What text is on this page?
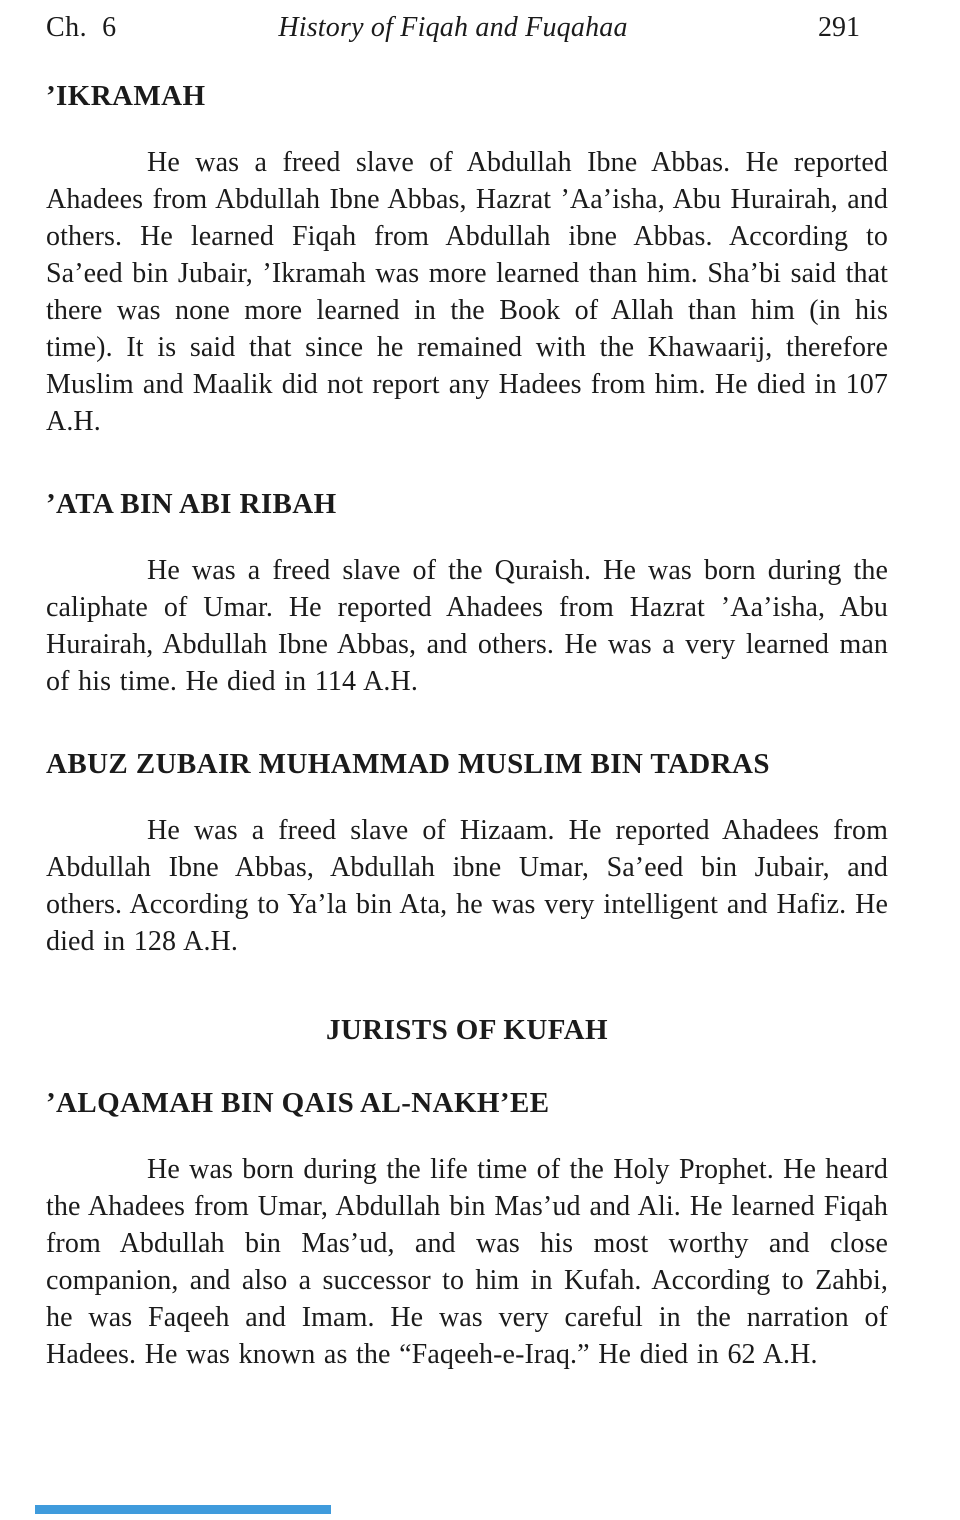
Ch.  6	History of Fiqah and Fuqahaa	291
’IKRAMAH

He was a freed slave of Abdullah Ibne Abbas. He reported Ahadees from Abdullah Ibne Abbas, Hazrat ’Aa’isha, Abu Hurairah, and others. He learned Fiqah from Abdullah ibne Abbas. According to Sa’eed bin Jubair, ’Ikramah was more learned than him. Sha’bi said that there was none more learned in the Book of Allah than him (in his time). It is said that since he remained with the Khawaarij, therefore Muslim and Maalik did not report any Hadees from him. He died in 107 A.H.

’ATA BIN ABI RIBAH

He was a freed slave of the Quraish. He was born during the caliphate of Umar. He reported Ahadees from Hazrat ’Aa’isha, Abu Hurairah, Abdullah Ibne Abbas, and others. He was a very learned man of his time. He died in 114 A.H.

ABUZ ZUBAIR MUHAMMAD MUSLIM BIN TADRAS

He was a freed slave of Hizaam. He reported Ahadees from Abdullah Ibne Abbas, Abdullah ibne Umar, Sa’eed bin Jubair, and others. According to Ya’la bin Ata, he was very intelligent and Hafiz. He died in 128 A.H.

JURISTS OF KUFAH
’ALQAMAH BIN QAIS AL-NAKH’EE

He was born during the life time of the Holy Prophet. He heard the Ahadees from Umar, Abdullah bin Mas’ud and Ali. He learned Fiqah from Abdullah bin Mas’ud, and was his most worthy and close companion, and also a successor to him in Kufah. According to Zahbi, he was Faqeeh and Imam. He was very careful in the narration of Hadees. He was known as the “Faqeeh-e-Iraq.” He died in 62 A.H.
